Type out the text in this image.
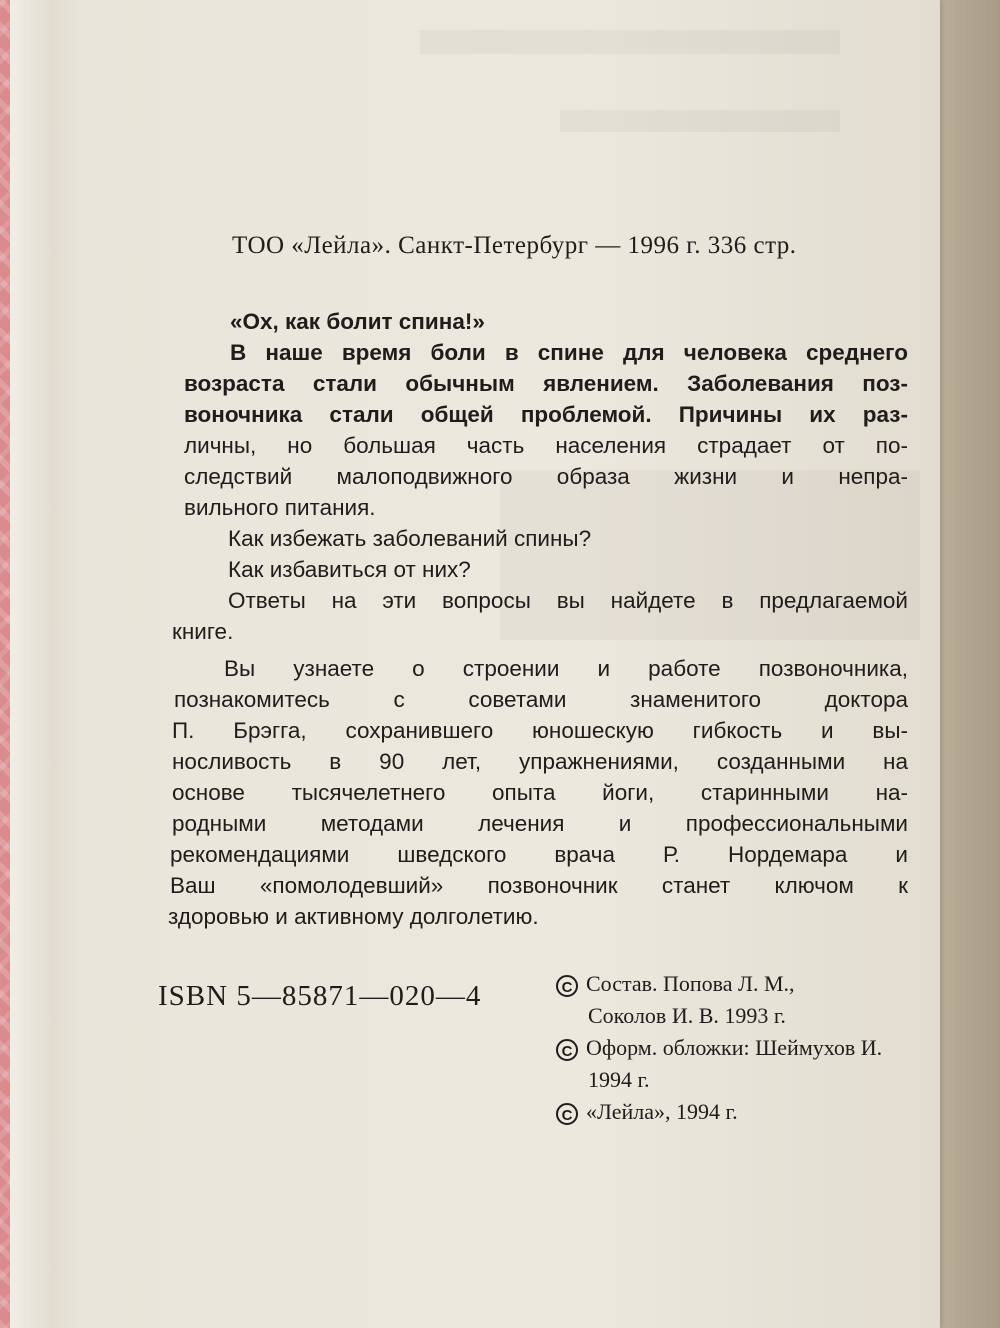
ТОО «Лейла». Санкт-Петербург — 1996 г. 336 стр.
«Ох, как болит спина!»
В наше время боли в спине для человека среднего
возраста стали обычным явлением. Заболевания поз-
воночника стали общей проблемой. Причины их раз-
личны, но большая часть населения страдает от по-
следствий малоподвижного образа жизни и непра-
вильного питания.
Как избежать заболеваний спины?
Как избавиться от них?
Ответы на эти вопросы вы найдете в предлагаемой
книге.
Вы узнаете о строении и работе позвоночника,
познакомитесь с советами знаменитого доктора
П. Брэгга, сохранившего юношескую гибкость и вы-
носливость в 90 лет, упражнениями, созданными на
основе тысячелетнего опыта йоги, старинными на-
родными методами лечения и профессиональными
рекомендациями шведского врача Р. Нордемара и
Ваш «помолодевший» позвоночник станет ключом к
здоровью и активному долголетию.
ISBN 5—85871—020—4	C Состав. Попова Л. М.,
Соколов И. В. 1993 г.
C Оформ. обложки: Шеймухов И.
1994 г.
C «Лейла», 1994 г.
